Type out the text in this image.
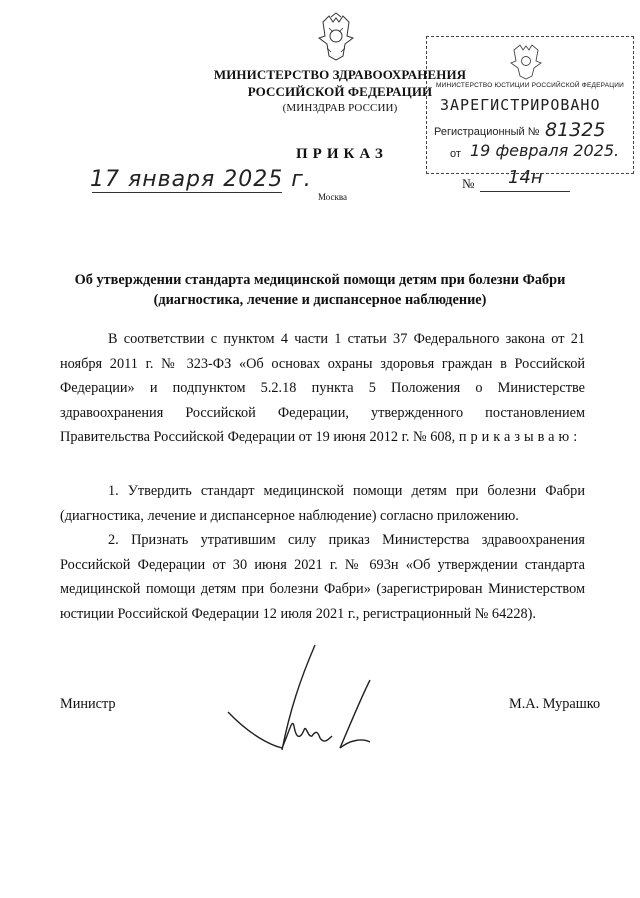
МИНИСТЕРСТВО ЗДРАВООХРАНЕНИЯ
РОССИЙСКОЙ ФЕДЕРАЦИИ
(МИНЗДРАВ РОССИИ)
МИНИСТЕРСТВО ЮСТИЦИИ РОССИЙСКОЙ ФЕДЕРАЦИИ
ЗАРЕГИСТРИРОВАНО
Регистрационный № 81325
от 19 февраля 2025.
ПРИКАЗ
17 января 2025 г.	№ 14н
Москва
Об утверждении стандарта медицинской помощи детям при болезни Фабри
(диагностика, лечение и диспансерное наблюдение)
В соответствии с пунктом 4 части 1 статьи 37 Федерального закона от 21 ноября 2011 г. № 323-ФЗ «Об основах охраны здоровья граждан в Российской Федерации» и подпунктом 5.2.18 пункта 5 Положения о Министерстве здравоохранения Российской Федерации, утвержденного постановлением Правительства Российской Федерации от 19 июня 2012 г. № 608, приказываю:
1. Утвердить стандарт медицинской помощи детям при болезни Фабри (диагностика, лечение и диспансерное наблюдение) согласно приложению.
2. Признать утратившим силу приказ Министерства здравоохранения Российской Федерации от 30 июня 2021 г. № 693н «Об утверждении стандарта медицинской помощи детям при болезни Фабри» (зарегистрирован Министерством юстиции Российской Федерации 12 июля 2021 г., регистрационный № 64228).
Министр	М.А. Мурашко
